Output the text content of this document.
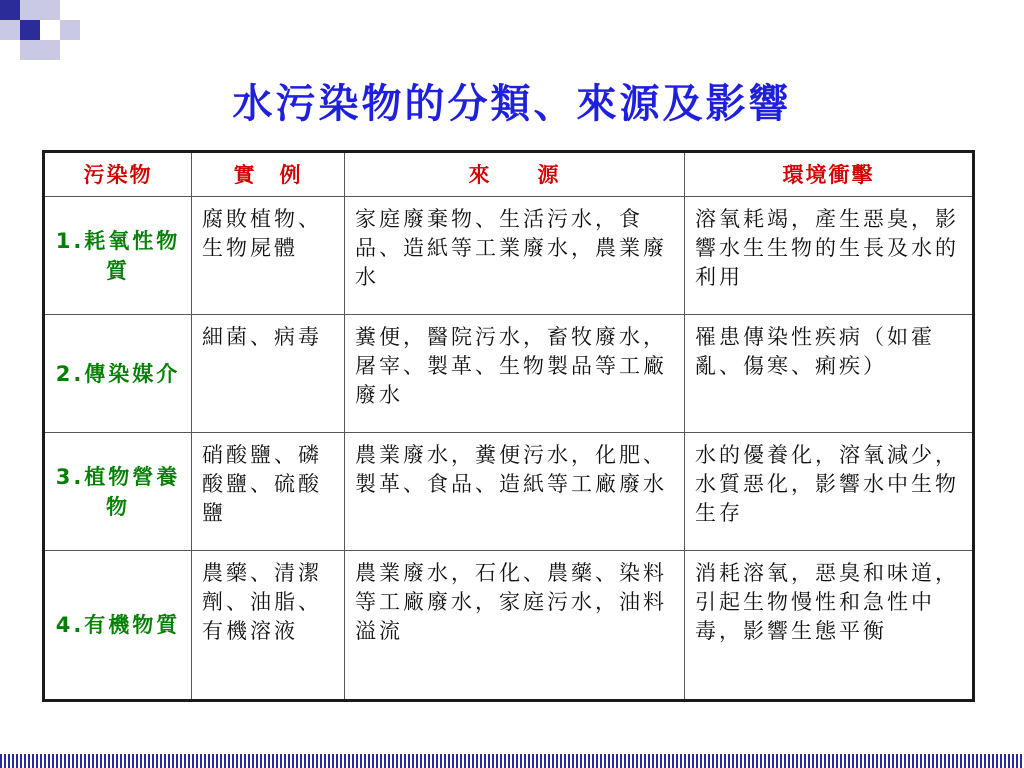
水污染物的分類、來源及影響
污染物	實　例	來　　源	環境衝擊
1.耗氧性物質	腐敗植物、生物屍體	家庭廢棄物、生活污水，食品、造紙等工業廢水，農業廢水	溶氧耗竭，產生惡臭，影響水生生物的生長及水的利用
2.傳染媒介	細菌、病毒	糞便，醫院污水，畜牧廢水，屠宰、製革、生物製品等工廠廢水	罹患傳染性疾病（如霍亂、傷寒、痢疾）
3.植物營養物	硝酸鹽、磷酸鹽、硫酸鹽	農業廢水，糞便污水，化肥、製革、食品、造紙等工廠廢水	水的優養化，溶氧減少，水質惡化，影響水中生物生存
4.有機物質	農藥、清潔劑、油脂、有機溶液	農業廢水，石化、農藥、染料等工廠廢水，家庭污水，油料溢流	消耗溶氧，惡臭和味道，引起生物慢性和急性中毒，影響生態平衡
